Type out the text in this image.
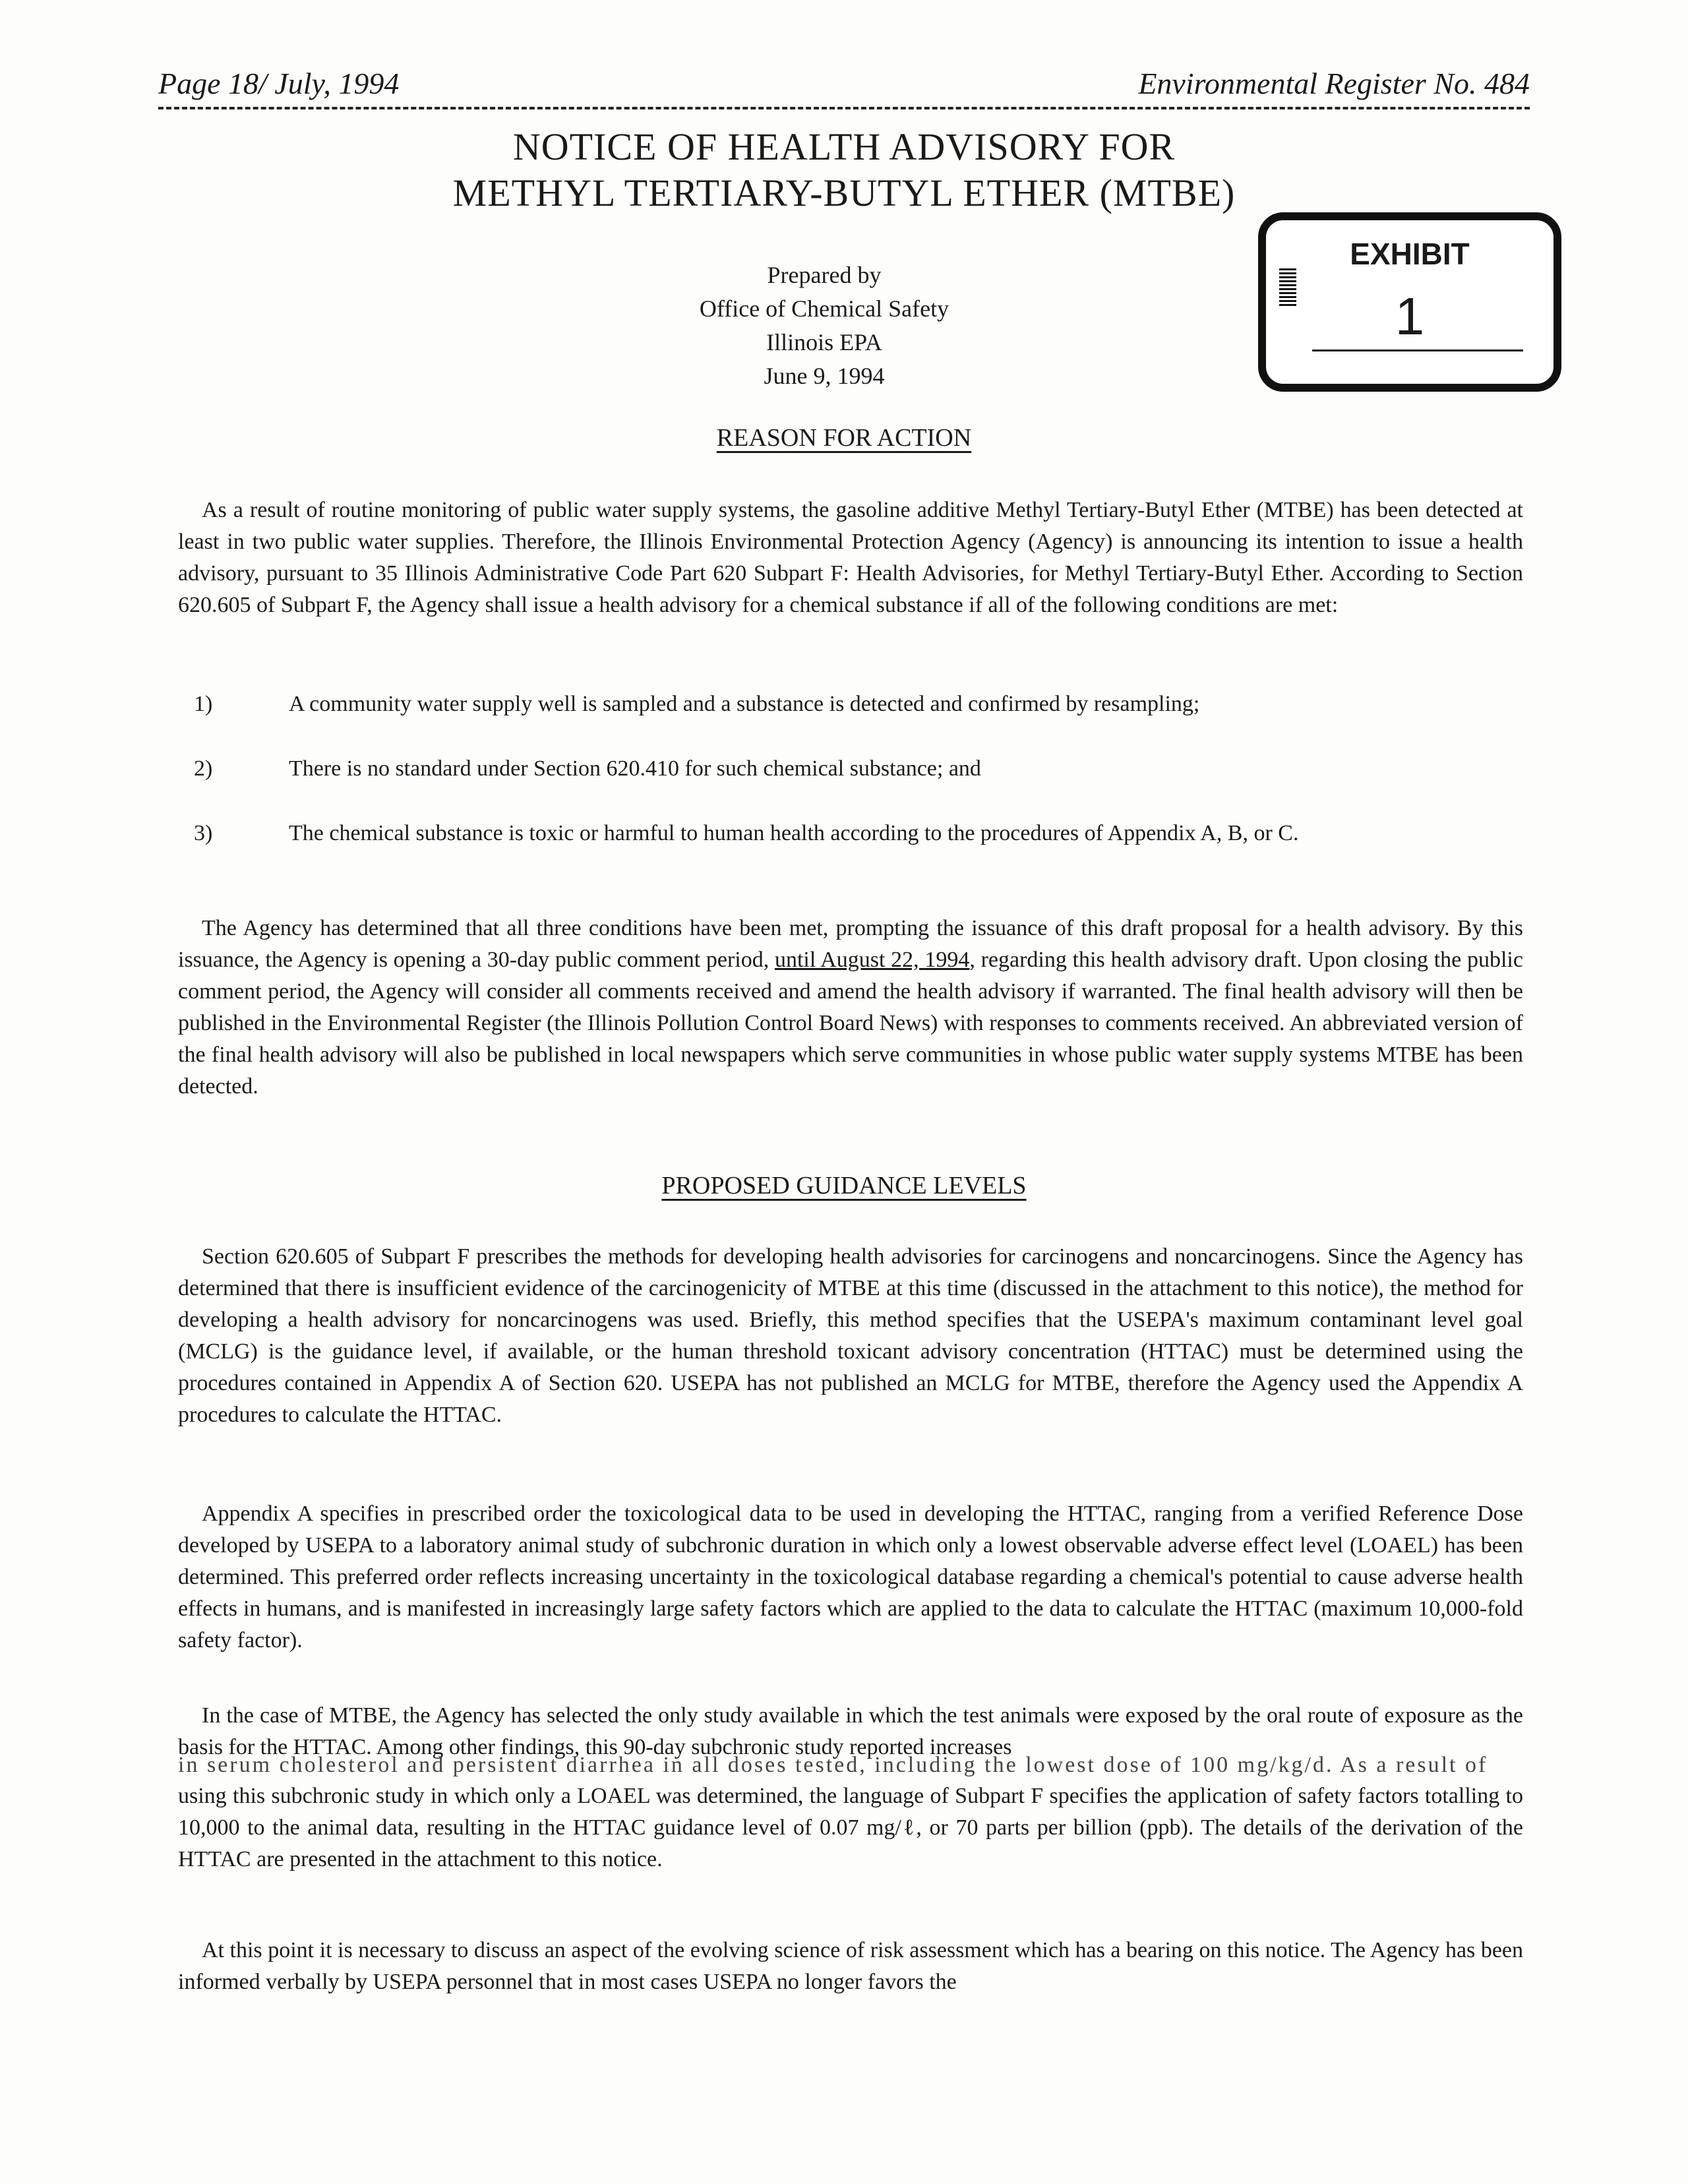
Page 18/ July, 1994	Environmental Register No. 484
NOTICE OF HEALTH ADVISORY FOR
METHYL TERTIARY-BUTYL ETHER (MTBE)
Prepared by
Office of Chemical Safety
Illinois EPA
June 9, 1994
EXHIBIT
1
REASON FOR ACTION

As a result of routine monitoring of public water supply systems, the gasoline additive Methyl Tertiary-Butyl Ether (MTBE) has been detected at least in two public water supplies. Therefore, the Illinois Environmental Protection Agency (Agency) is announcing its intention to issue a health advisory, pursuant to 35 Illinois Administrative Code Part 620 Subpart F: Health Advisories, for Methyl Tertiary-Butyl Ether. According to Section 620.605 of Subpart F, the Agency shall issue a health advisory for a chemical substance if all of the following conditions are met:

1)	A community water supply well is sampled and a substance is detected and confirmed by resampling;
2)	There is no standard under Section 620.410 for such chemical substance; and
3)	The chemical substance is toxic or harmful to human health according to the procedures of Appendix A, B, or C.

The Agency has determined that all three conditions have been met, prompting the issuance of this draft proposal for a health advisory. By this issuance, the Agency is opening a 30-day public comment period, until August 22, 1994, regarding this health advisory draft. Upon closing the public comment period, the Agency will consider all comments received and amend the health advisory if warranted. The final health advisory will then be published in the Environmental Register (the Illinois Pollution Control Board News) with responses to comments received. An abbreviated version of the final health advisory will also be published in local newspapers which serve communities in whose public water supply systems MTBE has been detected.

PROPOSED GUIDANCE LEVELS

Section 620.605 of Subpart F prescribes the methods for developing health advisories for carcinogens and noncarcinogens. Since the Agency has determined that there is insufficient evidence of the carcinogenicity of MTBE at this time (discussed in the attachment to this notice), the method for developing a health advisory for noncarcinogens was used. Briefly, this method specifies that the USEPA's maximum contaminant level goal (MCLG) is the guidance level, if available, or the human threshold toxicant advisory concentration (HTTAC) must be determined using the procedures contained in Appendix A of Section 620. USEPA has not published an MCLG for MTBE, therefore the Agency used the Appendix A procedures to calculate the HTTAC.

Appendix A specifies in prescribed order the toxicological data to be used in developing the HTTAC, ranging from a verified Reference Dose developed by USEPA to a laboratory animal study of subchronic duration in which only a lowest observable adverse effect level (LOAEL) has been determined. This preferred order reflects increasing uncertainty in the toxicological database regarding a chemical's potential to cause adverse health effects in humans, and is manifested in increasingly large safety factors which are applied to the data to calculate the HTTAC (maximum 10,000-fold safety factor).

In the case of MTBE, the Agency has selected the only study available in which the test animals were exposed by the oral route of exposure as the basis for the HTTAC. Among other findings, this 90-day subchronic study reported increases

in serum cholesterol and persistent diarrhea in all doses tested, including the lowest dose of 100 mg/kg/d. As a result of

using this subchronic study in which only a LOAEL was determined, the language of Subpart F specifies the application of safety factors totalling to 10,000 to the animal data, resulting in the HTTAC guidance level of 0.07 mg/ℓ, or 70 parts per billion (ppb). The details of the derivation of the HTTAC are presented in the attachment to this notice.

At this point it is necessary to discuss an aspect of the evolving science of risk assessment which has a bearing on this notice. The Agency has been informed verbally by USEPA personnel that in most cases USEPA no longer favors the
